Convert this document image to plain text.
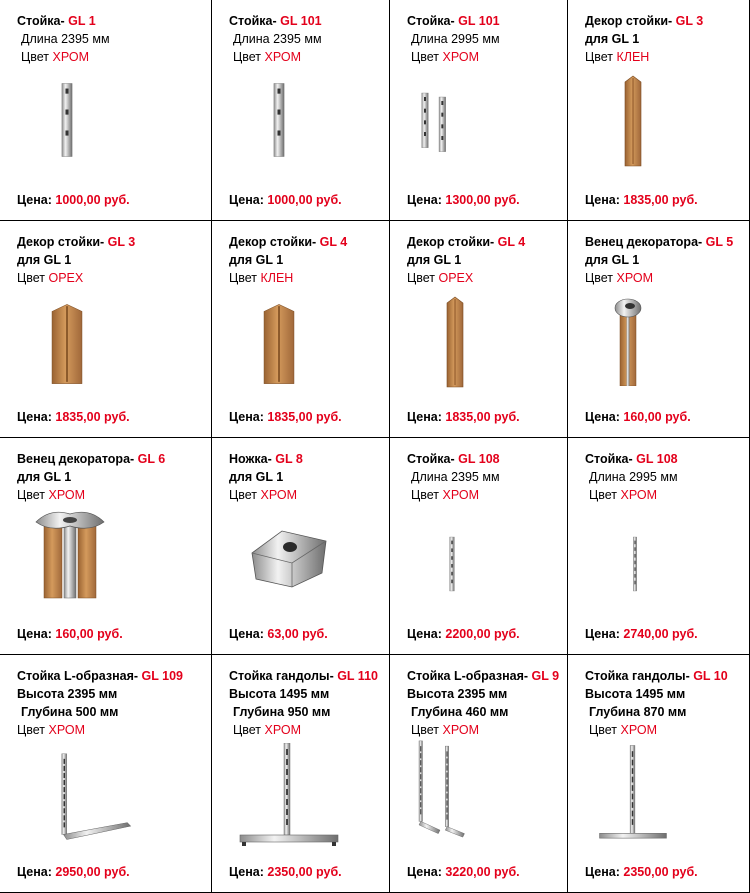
Стойка- GL 1
Длина 2395 мм
Цвет ХРОМ
Цена: 1000,00 руб.
Стойка- GL 101
Длина 2395 мм
Цвет ХРОМ
Цена: 1000,00 руб.
Стойка- GL 101
Длина 2995 мм
Цвет ХРОМ
Цена: 1300,00 руб.
Декор стойки- GL 3
для GL 1
Цвет КЛЕН
Цена: 1835,00 руб.
Декор стойки- GL 3
для GL 1
Цвет ОРЕХ
Цена: 1835,00 руб.
Декор стойки- GL 4
для GL 1
Цвет КЛЕН
Цена: 1835,00 руб.
Декор стойки- GL 4
для GL 1
Цвет ОРЕХ
Цена: 1835,00 руб.
Венец декоратора- GL 5
для GL 1
Цвет ХРОМ
Цена: 160,00 руб.
Венец декоратора- GL 6
для GL 1
Цвет ХРОМ
Цена: 160,00 руб.
Ножка- GL 8
для GL 1
Цвет ХРОМ
Цена: 63,00 руб.
Стойка- GL 108
Длина 2395 мм
Цвет ХРОМ
Цена: 2200,00 руб.
Стойка- GL 108
Длина 2995 мм
Цвет ХРОМ
Цена: 2740,00 руб.
Стойка L-образная- GL 109
Высота 2395 мм
Глубина 500 мм
Цвет ХРОМ
Цена: 2950,00 руб.
Стойка гандолы- GL 110
Высота 1495 мм
Глубина 950 мм
Цвет ХРОМ
Цена: 2350,00 руб.
Стойка L-образная- GL 9
Высота 2395 мм
Глубина 460 мм
Цвет ХРОМ
Цена: 3220,00 руб.
Стойка гандолы- GL 10
Высота 1495 мм
Глубина 870 мм
Цвет ХРОМ
Цена: 2350,00 руб.
